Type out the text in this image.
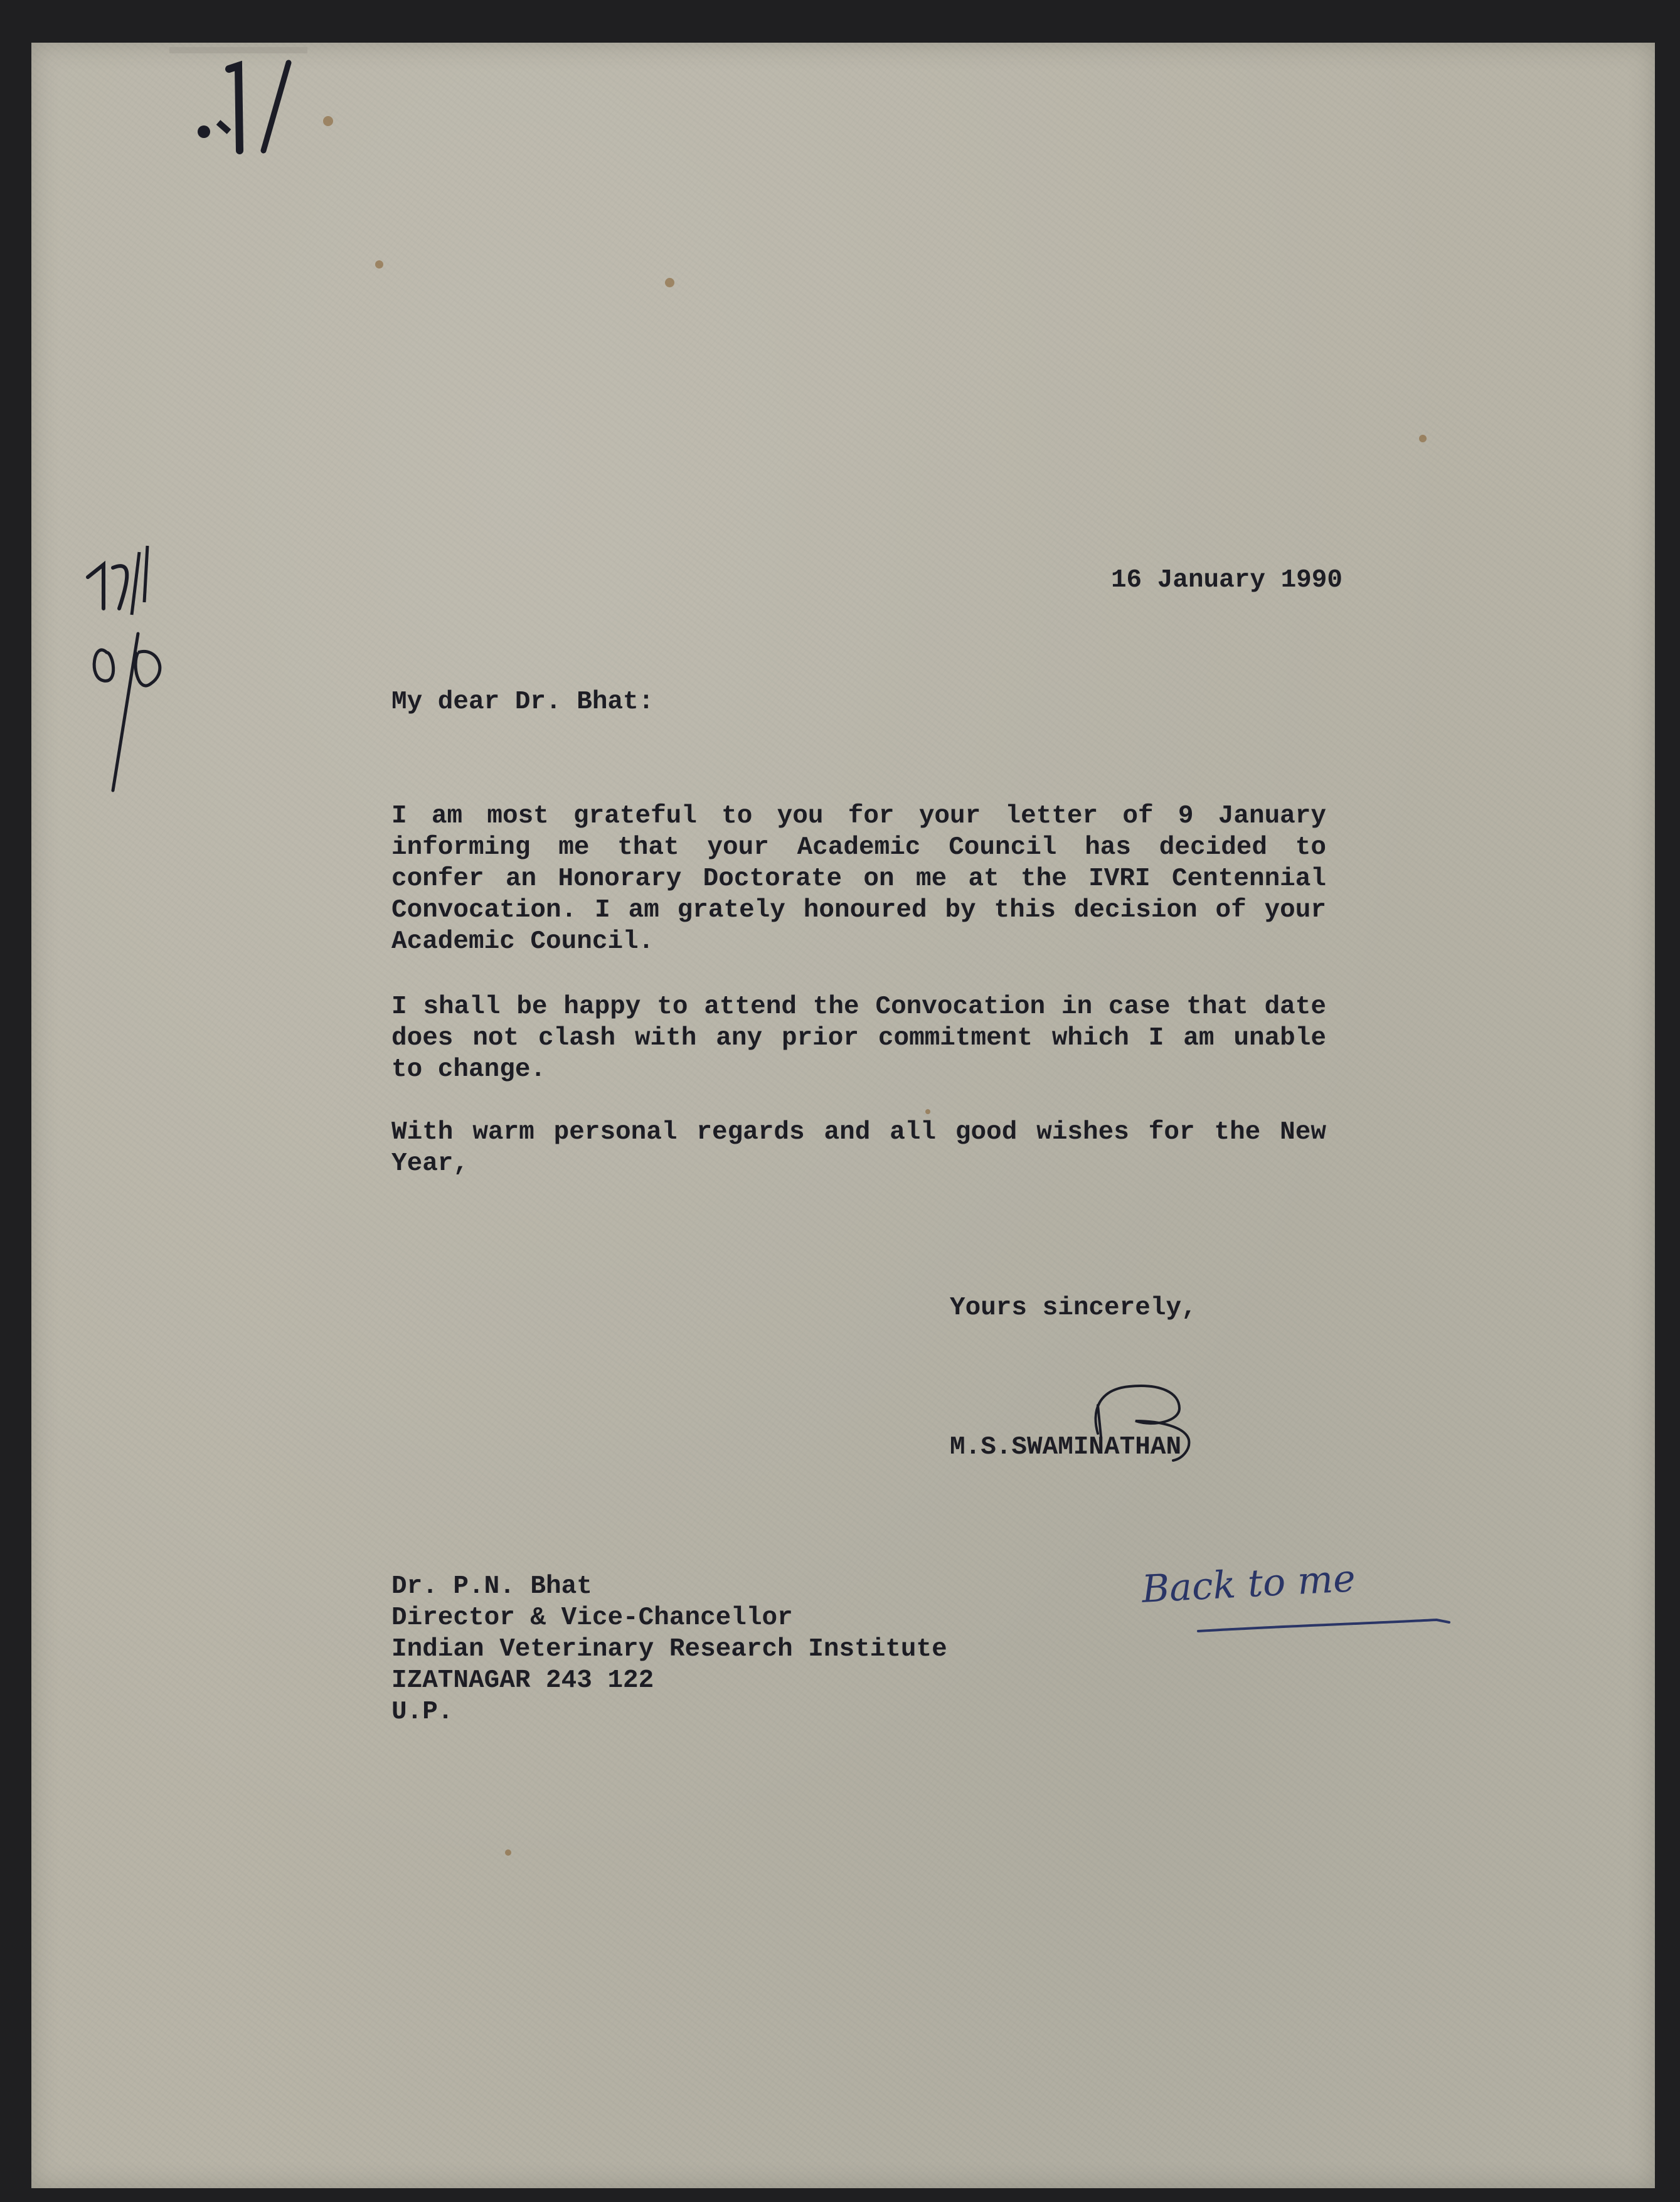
16 January 1990
My dear Dr. Bhat:

I am most grateful to you for your letter of 9 January informing me that your Academic Council has decided to confer an Honorary Doctorate on me at the IVRI Centennial Convocation. I am grately honoured by this decision of your Academic Council.

I shall be happy to attend the Convocation in case that date does not clash with any prior commitment which I am unable to change.

With warm personal regards and all good wishes for the New Year,

Yours sincerely,
M.S.SWAMINATHAN
Back to me
Dr. P.N. Bhat
Director & Vice-Chancellor
Indian Veterinary Research Institute
IZATNAGAR 243 122
U.P.
